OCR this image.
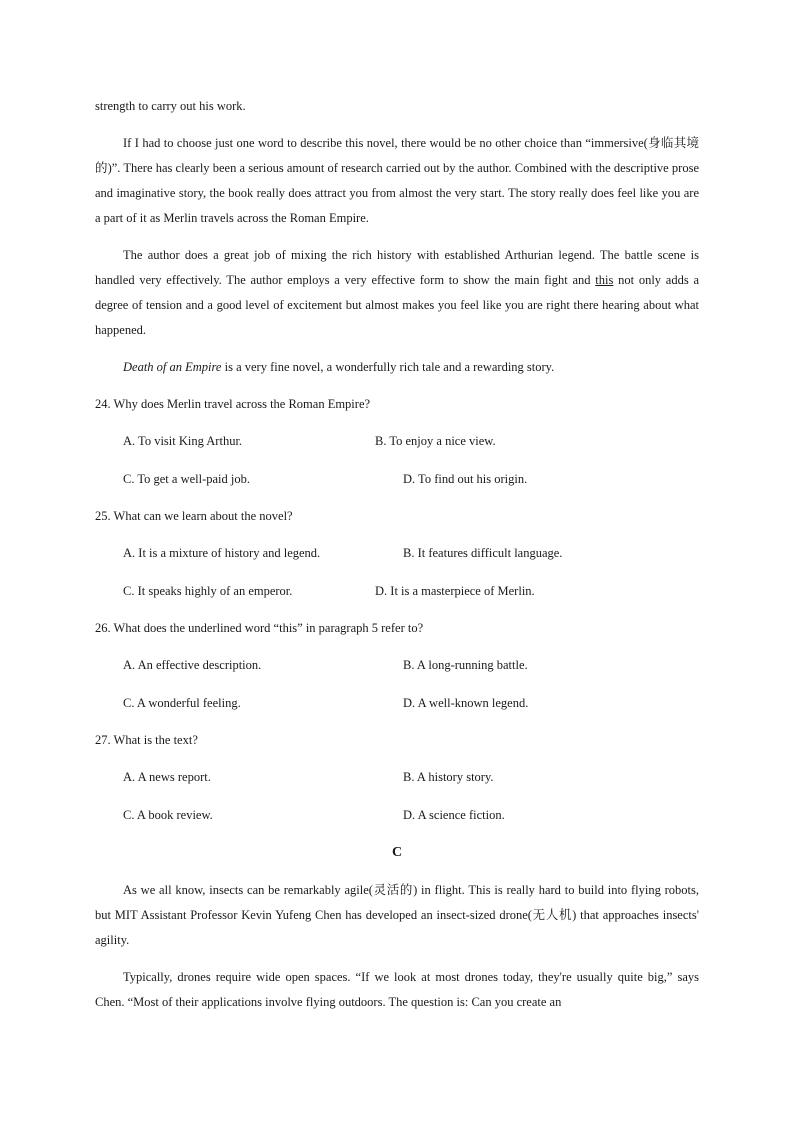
strength to carry out his work.

If I had to choose just one word to describe this novel, there would be no other choice than “immersive(身临其境的)”. There has clearly been a serious amount of research carried out by the author. Combined with the descriptive prose and imaginative story, the book really does attract you from almost the very start. The story really does feel like you are a part of it as Merlin travels across the Roman Empire.

The author does a great job of mixing the rich history with established Arthurian legend. The battle scene is handled very effectively. The author employs a very effective form to show the main fight and this not only adds a degree of tension and a good level of excitement but almost makes you feel like you are right there hearing about what happened.

Death of an Empire is a very fine novel, a wonderfully rich tale and a rewarding story.

24. Why does Merlin travel across the Roman Empire?

A. To visit King Arthur.	B. To enjoy a nice view.
C. To get a well-paid job.	D. To find out his origin.

25. What can we learn about the novel?

A. It is a mixture of history and legend.	B. It features difficult language.
C. It speaks highly of an emperor.	D. It is a masterpiece of Merlin.

26. What does the underlined word “this” in paragraph 5 refer to?

A. An effective description.	B. A long-running battle.
C. A wonderful feeling.	D. A well-known legend.

27. What is the text?

A. A news report.	B. A history story.
C. A book review.	D. A science fiction.

C

As we all know, insects can be remarkably agile(灵活的) in flight. This is really hard to build into flying robots, but MIT Assistant Professor Kevin Yufeng Chen has developed an insect-sized drone(无人机) that approaches insects' agility.

Typically, drones require wide open spaces. “If we look at most drones today, they're usually quite big,” says Chen. “Most of their applications involve flying outdoors. The question is: Can you create an
